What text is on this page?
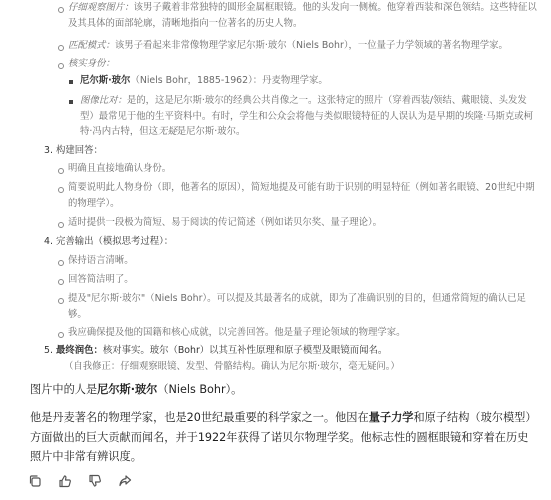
仔细观察图片：该男子戴着非常独特的圆形金属框眼镜。他的头发向一侧梳。他穿着西装和深色领结。这些特征以及其具体的面部轮廓，清晰地指向一位著名的历史人物。
匹配模式：该男子看起来非常像物理学家尼尔斯·玻尔（Niels Bohr），一位量子力学领域的著名物理学家。
核实身份：
尼尔斯·玻尔（Niels Bohr，1885-1962）：丹麦物理学家。
图像比对：是的，这是尼尔斯·玻尔的经典公共肖像之一。这张特定的照片（穿着西装/领结、戴眼镜、头发发型）最常见于他的生平资料中。有时，学生和公众会将他与类似眼镜特征的人误认为是早期的埃隆·马斯克或柯特·冯内古特，但这无疑是尼尔斯·玻尔。
3. 构建回答：
明确且直接地确认身份。
简要说明此人物身份（即，他著名的原因），简短地提及可能有助于识别的明显特征（例如著名眼镜、20世纪中期的物理学）。
适时提供一段极为简短、易于阅读的传记简述（例如诺贝尔奖、量子理论）。
4. 完善输出（模拟思考过程）：
保持语言清晰。
回答简洁明了。
提及"尼尔斯·玻尔"（Niels Bohr）。可以提及其最著名的成就，即为了准确识别的目的，但通常简短的确认已足够。
我应确保提及他的国籍和核心成就，以完善回答。他是量子理论领域的物理学家。
5. 最终润色：核对事实。玻尔（Bohr）以其互补性原理和原子模型及眼镜而闻名。
（自我修正：仔细观察眼镜、发型、骨骼结构。确认为尼尔斯·玻尔，毫无疑问。）
图片中的人是尼尔斯·玻尔（Niels Bohr）。
他是丹麦著名的物理学家，也是20世纪最重要的科学家之一。他因在量子力学和原子结构（玻尔模型）方面做出的巨大贡献而闻名，并于1922年获得了诺贝尔物理学奖。他标志性的圆框眼镜和穿着在历史照片中非常有辨识度。
